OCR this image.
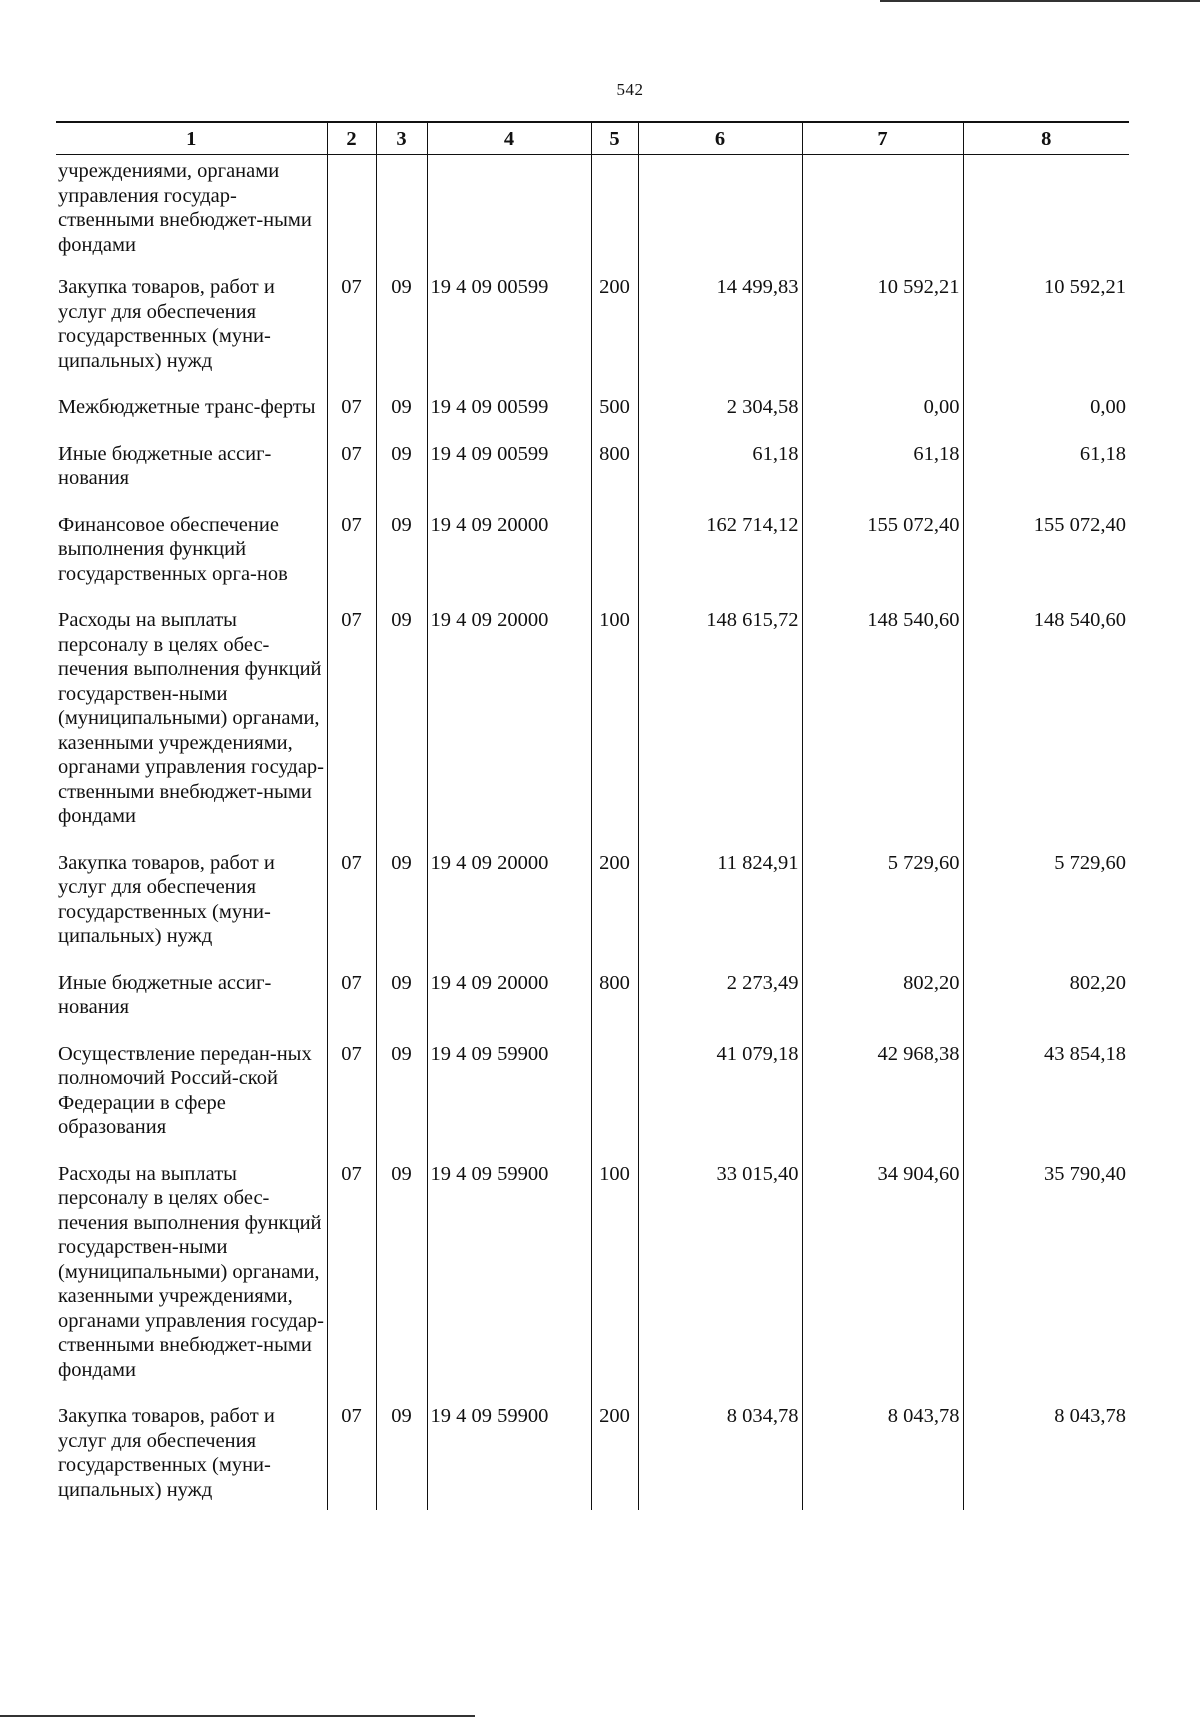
542
1	2	3	4	5	6	7	8

учреждениями, органами управления государ-ственными внебюджет-ными фондами							

Закупка товаров, работ и услуг для обеспечения государственных (муни-ципальных) нужд	07	09	19 4 09 00599	200	14 499,83	10 592,21	10 592,21

Межбюджетные транс-ферты	07	09	19 4 09 00599	500	2 304,58	0,00	0,00

Иные бюджетные ассиг-нования	07	09	19 4 09 00599	800	61,18	61,18	61,18

Финансовое обеспечение выполнения функций государственных орга-нов	07	09	19 4 09 20000		162 714,12	155 072,40	155 072,40

Расходы на выплаты персоналу в целях обес-печения выполнения функций государствен-ными (муниципальными) органами, казенными учреждениями, органами управления государ-ственными внебюджет-ными фондами	07	09	19 4 09 20000	100	148 615,72	148 540,60	148 540,60

Закупка товаров, работ и услуг для обеспечения государственных (муни-ципальных) нужд	07	09	19 4 09 20000	200	11 824,91	5 729,60	5 729,60

Иные бюджетные ассиг-нования	07	09	19 4 09 20000	800	2 273,49	802,20	802,20

Осуществление передан-ных полномочий Россий-ской Федерации в сфере образования	07	09	19 4 09 59900		41 079,18	42 968,38	43 854,18

Расходы на выплаты персоналу в целях обес-печения выполнения функций государствен-ными (муниципальными) органами, казенными учреждениями, органами управления государ-ственными внебюджет-ными фондами	07	09	19 4 09 59900	100	33 015,40	34 904,60	35 790,40

Закупка товаров, работ и услуг для обеспечения государственных (муни-ципальных) нужд	07	09	19 4 09 59900	200	8 034,78	8 043,78	8 043,78
